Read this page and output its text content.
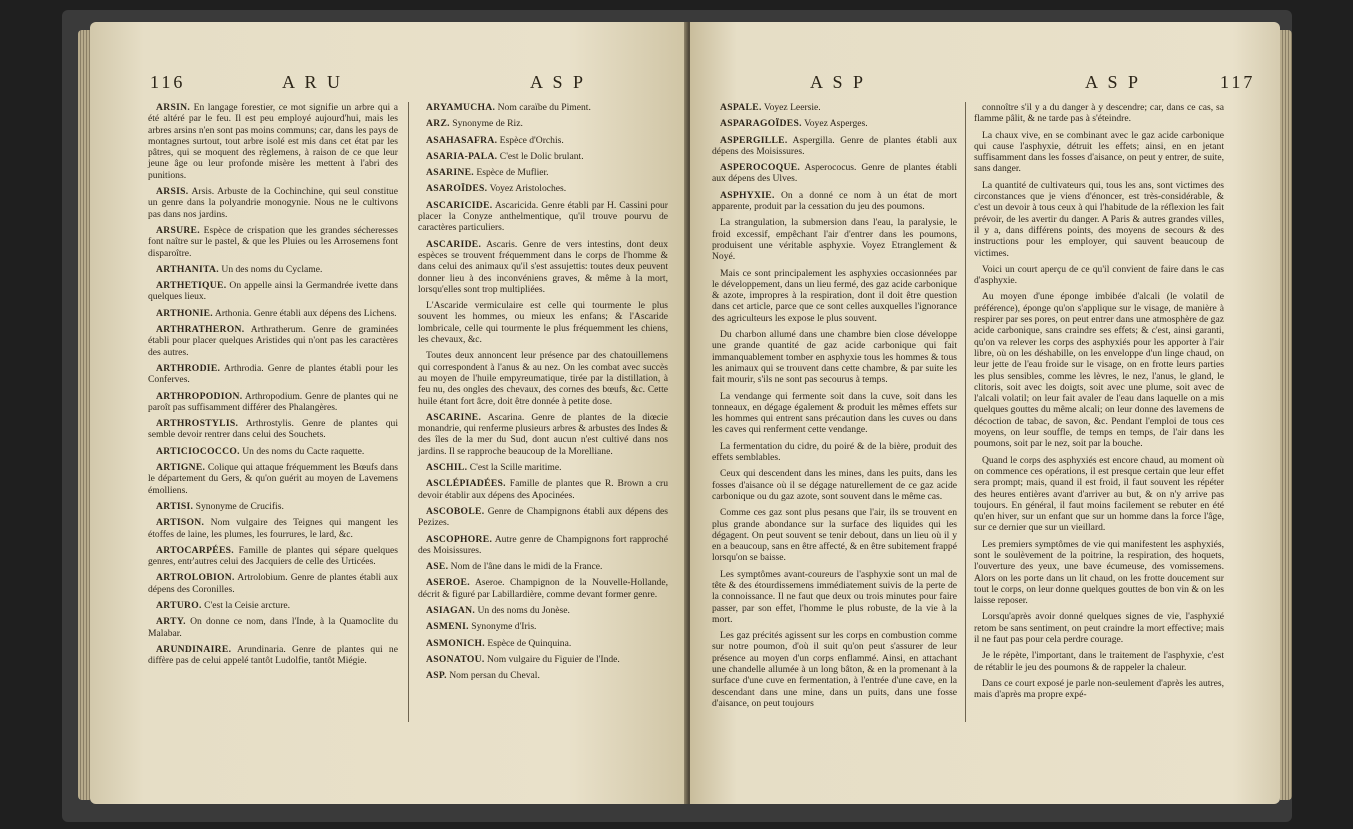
116	A R U	A S P

ARSIN. En langage forestier, ce mot signifie un arbre qui a été altéré par le feu. Il est peu employé aujourd'hui, mais les arbres arsins n'en sont pas moins communs; car, dans les pays de montagnes surtout, tout arbre isolé est mis dans cet état par les pâtres, qui se moquent des règlemens, à raison de ce que leur jeune âge ou leur profonde misère les mettent à l'abri des punitions.

ARSIS. Arsis. Arbuste de la Cochinchine, qui seul constitue un genre dans la polyandrie monogynie. Nous ne le cultivons pas dans nos jardins.

ARSURE. Espèce de crispation que les grandes sécheresses font naître sur le pastel, & que les Pluies ou les Arrosemens font disparoître.

ARTHANITA. Un des noms du Cyclame.

ARTHETIQUE. On appelle ainsi la Germandrée ivette dans quelques lieux.

ARTHONIE. Arthonia. Genre établi aux dépens des Lichens.

ARTHRATHERON. Arthratherum. Genre de graminées établi pour placer quelques Aristides qui n'ont pas les caractères des autres.

ARTHRODIE. Arthrodia. Genre de plantes établi pour les Conferves.

ARTHROPODION. Arthropodium. Genre de plantes qui ne paroît pas suffisamment différer des Phalangères.

ARTHROSTYLIS. Arthrostylis. Genre de plantes qui semble devoir rentrer dans celui des Souchets.

ARTICIOCOCCO. Un des noms du Cacte raquette.

ARTIGNE. Colique qui attaque fréquemment les Bœufs dans le département du Gers, & qu'on guérit au moyen de Lavemens émolliens.

ARTISI. Synonyme de Crucifis.

ARTISON. Nom vulgaire des Teignes qui mangent les étoffes de laine, les plumes, les fourrures, le lard, &c.

ARTOCARPÉES. Famille de plantes qui sépare quelques genres, entr'autres celui des Jacquiers de celle des Urticées.

ARTROLOBION. Artrolobium. Genre de plantes établi aux dépens des Coronilles.

ARTURO. C'est la Ceisie arcture.

ARTY. On donne ce nom, dans l'Inde, à la Quamoclite du Malabar.

ARUNDINAIRE. Arundinaria. Genre de plantes qui ne diffère pas de celui appelé tantôt Ludolfie, tantôt Miégie.

ARYAMUCHA. Nom caraïbe du Piment.

ARZ. Synonyme de Riz.

ASAHASAFRA. Espèce d'Orchis.

ASARIA-PALA. C'est le Dolic brulant.

ASARINE. Espèce de Muflier.

ASAROÏDES. Voyez Aristoloches.

ASCARICIDE. Ascaricida. Genre établi par H. Cassini pour placer la Conyze anthelmentique, qu'il trouve pourvu de caractères particuliers.

ASCARIDE. Ascaris. Genre de vers intestins, dont deux espèces se trouvent fréquemment dans le corps de l'homme & dans celui des animaux qu'il s'est assujettis: toutes deux peuvent donner lieu à des inconvéniens graves, & même à la mort, lorsqu'elles sont trop multipliées.

L'Ascaride vermiculaire est celle qui tourmente le plus souvent les hommes, ou mieux les enfans; & l'Ascaride lombricale, celle qui tourmente le plus fréquemment les chiens, les chevaux, &c.

Toutes deux annoncent leur présence par des chatouillemens qui correspondent à l'anus & au nez. On les combat avec succès au moyen de l'huile empyreumatique, tirée par la distillation, à feu nu, des ongles des chevaux, des cornes des bœufs, &c. Cette huile étant fort âcre, doit être donnée à petite dose.

ASCARINE. Ascarina. Genre de plantes de la diœcie monandrie, qui renferme plusieurs arbres & arbustes des Indes & des îles de la mer du Sud, dont aucun n'est cultivé dans nos jardins. Il se rapproche beaucoup de la Morelliane.

ASCHIL. C'est la Scille maritime.

ASCLÉPIADÉES. Famille de plantes que R. Brown a cru devoir établir aux dépens des Apocinées.

ASCOBOLE. Genre de Champignons établi aux dépens des Pezizes.

ASCOPHORE. Autre genre de Champignons fort rapproché des Moisissures.

ASE. Nom de l'âne dans le midi de la France.

ASEROE. Aseroe. Champignon de la Nouvelle-Hollande, décrit & figuré par Labillardière, comme devant former genre.

ASIAGAN. Un des noms du Jonèse.

ASMENI. Synonyme d'Iris.

ASMONICH. Espèce de Quinquina.

ASONATOU. Nom vulgaire du Figuier de l'Inde.

ASP. Nom persan du Cheval.

A S P	A S P	117

ASPALE. Voyez Leersie.

ASPARAGOÏDES. Voyez Asperges.

ASPERGILLE. Aspergilla. Genre de plantes établi aux dépens des Moisissures.

ASPEROCOQUE. Asperococus. Genre de plantes établi aux dépens des Ulves.

ASPHYXIE. On a donné ce nom à un état de mort apparente, produit par la cessation du jeu des poumons.

La strangulation, la submersion dans l'eau, la paralysie, le froid excessif, empêchant l'air d'entrer dans les poumons, produisent une véritable asphyxie. Voyez Etranglement & Noyé.

Mais ce sont principalement les asphyxies occasionnées par le développement, dans un lieu fermé, des gaz acide carbonique & azote, impropres à la respiration, dont il doit être question dans cet article, parce que ce sont celles auxquelles l'ignorance des agriculteurs les expose le plus souvent.

Du charbon allumé dans une chambre bien close développe une grande quantité de gaz acide carbonique qui fait immanquablement tomber en asphyxie tous les hommes & tous les animaux qui se trouvent dans cette chambre, & par suite les fait mourir, s'ils ne sont pas secourus à temps.

La vendange qui fermente soit dans la cuve, soit dans les tonneaux, en dégage également & produit les mêmes effets sur les hommes qui entrent sans précaution dans les cuves ou dans les caves qui renferment cette vendange.

La fermentation du cidre, du poiré & de la bière, produit des effets semblables.

Ceux qui descendent dans les mines, dans les puits, dans les fosses d'aisance où il se dégage naturellement de ce gaz acide carbonique ou du gaz azote, sont souvent dans le même cas.

Comme ces gaz sont plus pesans que l'air, ils se trouvent en plus grande abondance sur la surface des liquides qui les dégagent. On peut souvent se tenir debout, dans un lieu où il y en a beaucoup, sans en être affecté, & en être subitement frappé lorsqu'on se baisse.

Les symptômes avant-coureurs de l'asphyxie sont un mal de tête & des étourdissemens immédiatement suivis de la perte de la connoissance. Il ne faut que deux ou trois minutes pour faire passer, par son effet, l'homme le plus robuste, de la vie à la mort.

Les gaz précités agissent sur les corps en combustion comme sur notre poumon, d'où il suit qu'on peut s'assurer de leur présence au moyen d'un corps enflammé. Ainsi, en attachant une chandelle allumée à un long bâton, & en la promenant à la surface d'une cuve en fermentation, à l'entrée d'une cave, en la descendant dans une mine, dans un puits, dans une fosse d'aisance, on peut toujours

connoître s'il y a du danger à y descendre; car, dans ce cas, sa flamme pâlit, & ne tarde pas à s'éteindre.

La chaux vive, en se combinant avec le gaz acide carbonique qui cause l'asphyxie, détruit les effets; ainsi, en en jetant suffisamment dans les fosses d'aisance, on peut y entrer, de suite, sans danger.

La quantité de cultivateurs qui, tous les ans, sont victimes des circonstances que je viens d'énoncer, est très-considérable, & c'est un devoir à tous ceux à qui l'habitude de la réflexion les fait prévoir, de les avertir du danger. A Paris & autres grandes villes, il y a, dans différens points, des moyens de secours & des instructions pour les employer, qui sauvent beaucoup de victimes.

Voici un court aperçu de ce qu'il convient de faire dans le cas d'asphyxie.

Au moyen d'une éponge imbibée d'alcali (le volatil de préférence), éponge qu'on s'applique sur le visage, de manière à respirer par ses pores, on peut entrer dans une atmosphère de gaz acide carbonique, sans craindre ses effets; & c'est, ainsi garanti, qu'on va relever les corps des asphyxiés pour les apporter à l'air libre, où on les déshabille, on les enveloppe d'un linge chaud, on leur jette de l'eau froide sur le visage, on en frotte leurs parties les plus sensibles, comme les lèvres, le nez, l'anus, le gland, le clitoris, soit avec les doigts, soit avec une plume, soit avec de l'alcali volatil; on leur fait avaler de l'eau dans laquelle on a mis quelques gouttes du même alcali; on leur donne des lavemens de décoction de tabac, de savon, &c. Pendant l'emploi de tous ces moyens, on leur souffle, de temps en temps, de l'air dans les poumons, soit par le nez, soit par la bouche.

Quand le corps des asphyxiés est encore chaud, au moment où on commence ces opérations, il est presque certain que leur effet sera prompt; mais, quand il est froid, il faut souvent les répéter des heures entières avant d'arriver au but, & on n'y arrive pas toujours. En général, il faut moins facilement se rebuter en été qu'en hiver, sur un enfant que sur un homme dans la force l'âge, sur ce dernier que sur un vieillard.

Les premiers symptômes de vie qui manifestent les asphyxiés, sont le soulèvement de la poitrine, la respiration, des hoquets, l'ouverture des yeux, une bave écumeuse, des vomissemens. Alors on les porte dans un lit chaud, on les frotte doucement sur tout le corps, on leur donne quelques gouttes de bon vin & on les laisse reposer.

Lorsqu'après avoir donné quelques signes de vie, l'asphyxié retom be sans sentiment, on peut craindre la mort effective; mais il ne faut pas pour cela perdre courage.

Je le répète, l'important, dans le traitement de l'asphyxie, c'est de rétablir le jeu des poumons & de rappeler la chaleur.

Dans ce court exposé je parle non-seulement d'après les autres, mais d'après ma propre expé-
